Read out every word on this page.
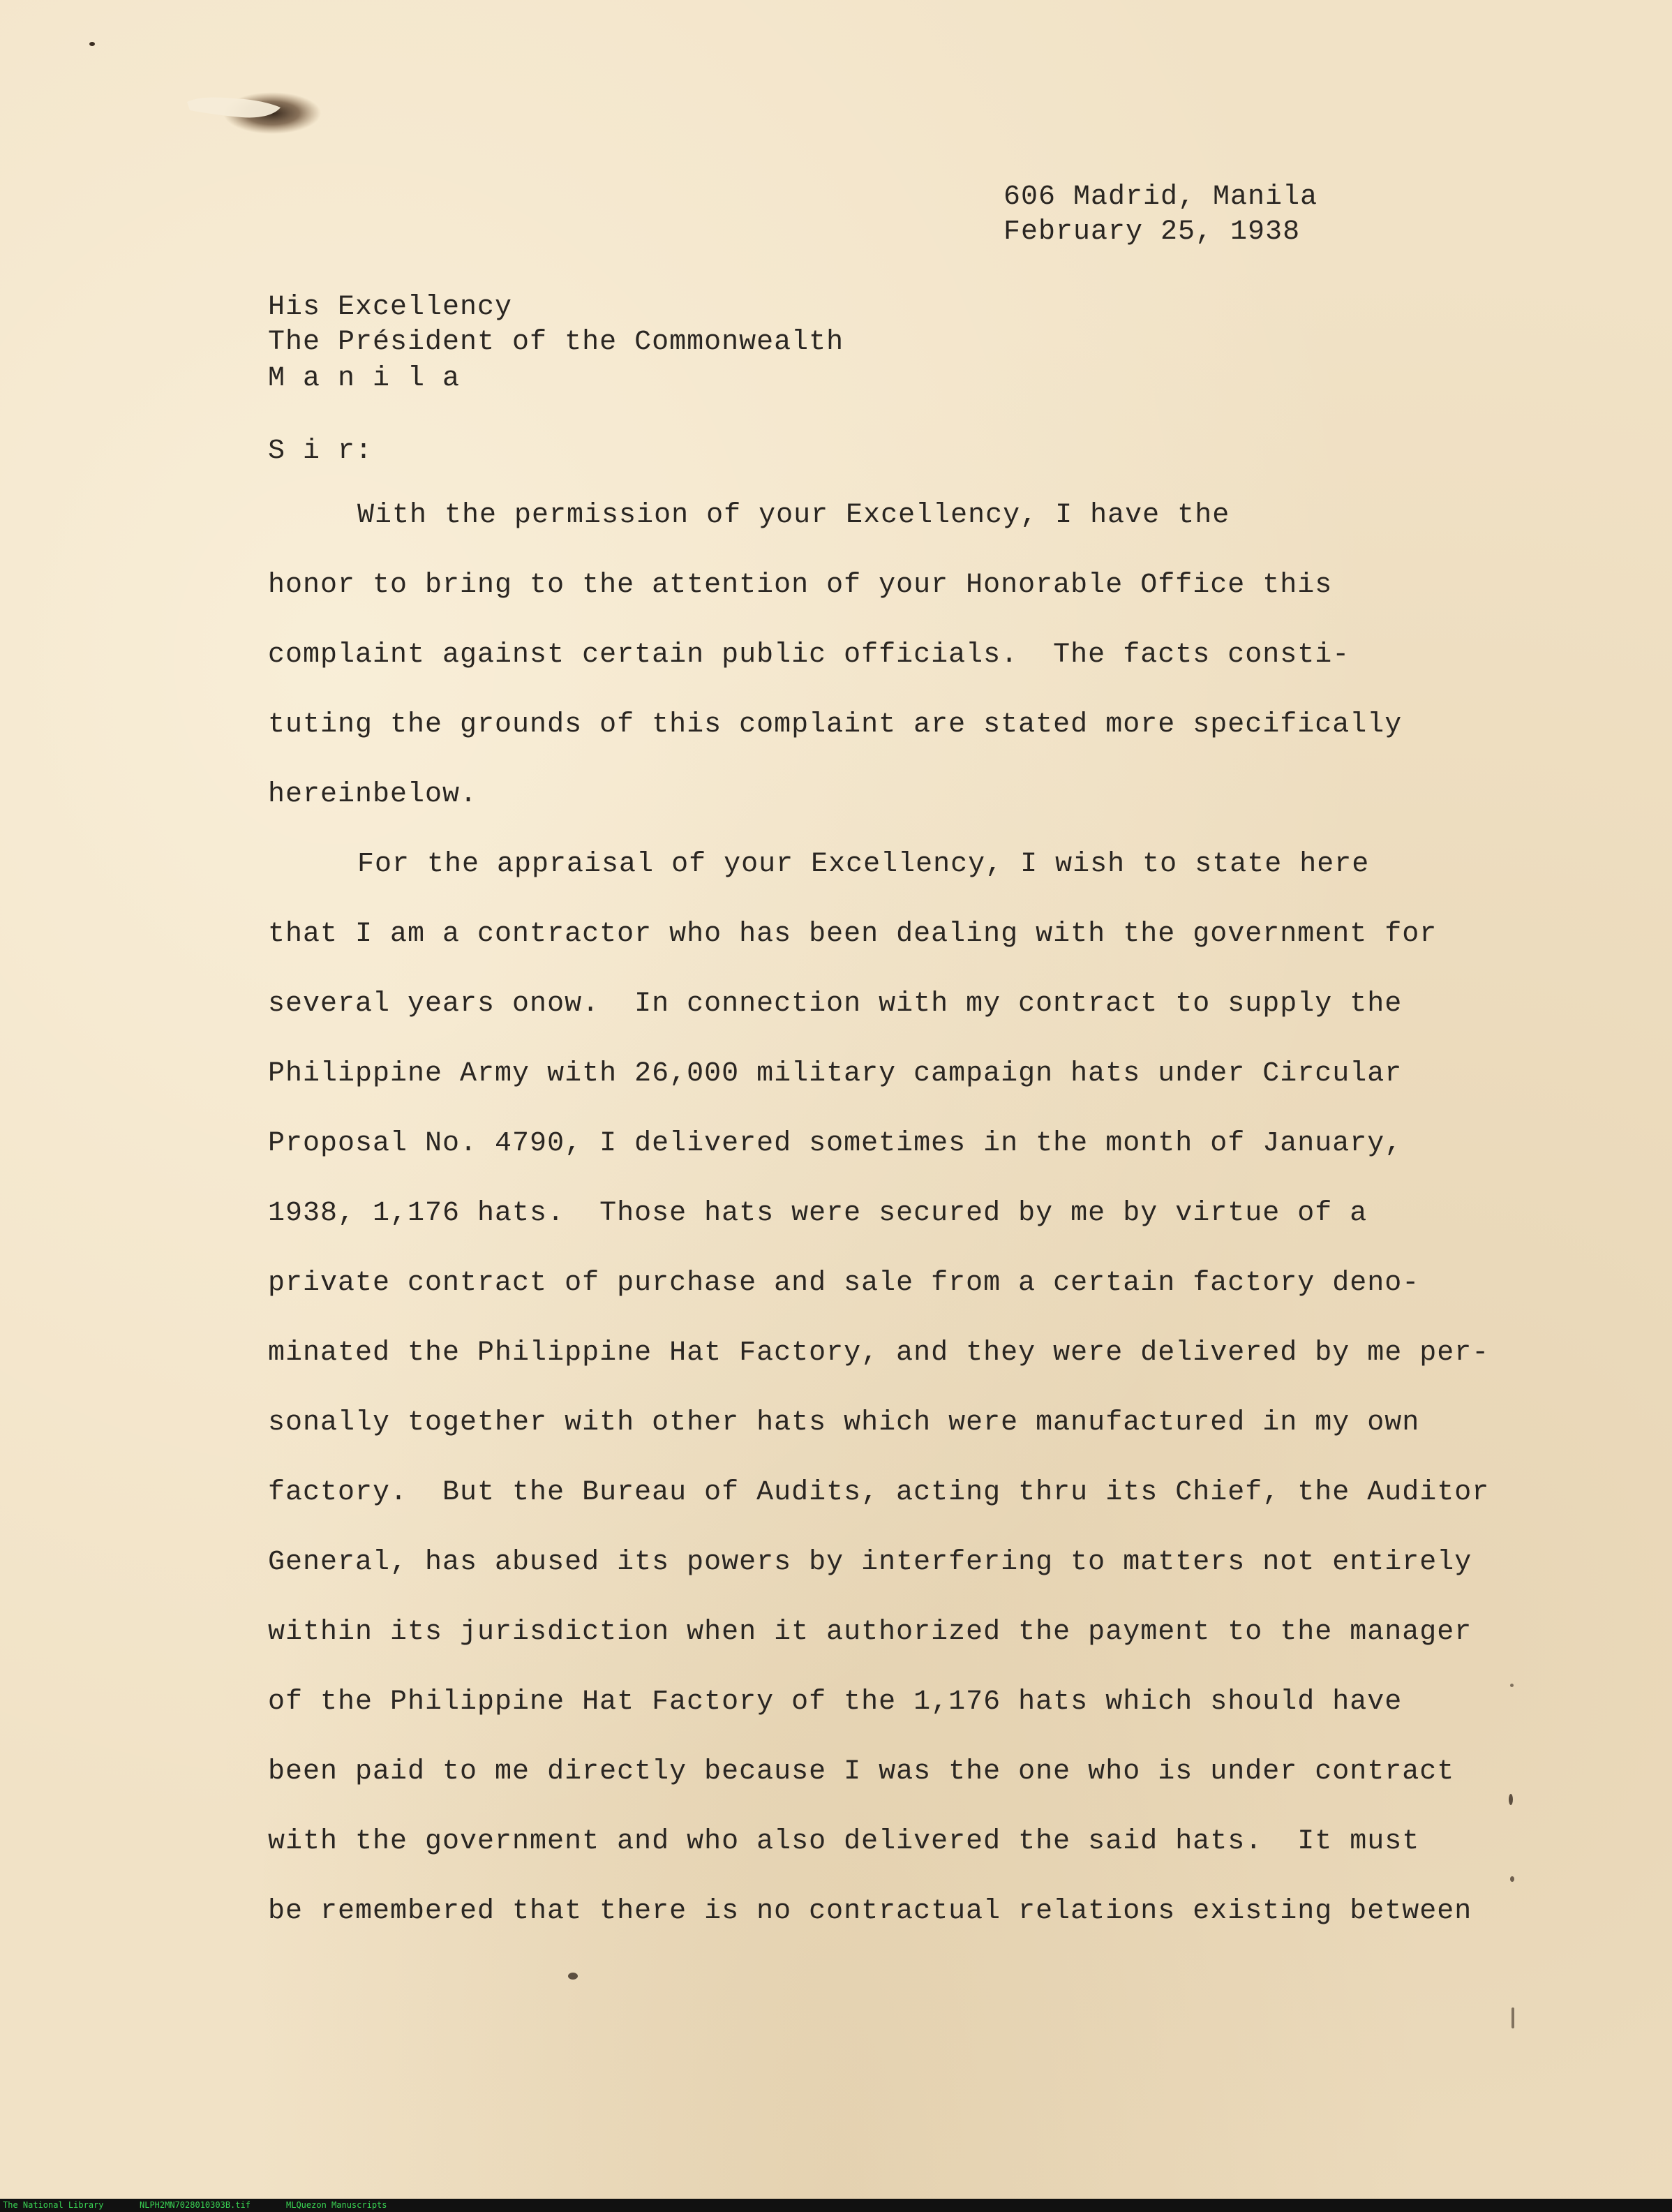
606 Madrid, Manila
February 25, 1938
His Excellency
The Président of the Commonwealth
M a n i l a
S i r:
With the permission of your Excellency, I have the
honor to bring to the attention of your Honorable Office this
complaint against certain public officials.  The facts consti-
tuting the grounds of this complaint are stated more specifically
hereinbelow.
For the appraisal of your Excellency, I wish to state here
that I am a contractor who has been dealing with the government for
several years onow.  In connection with my contract to supply the
Philippine Army with 26,000 military campaign hats under Circular
Proposal No. 4790, I delivered sometimes in the month of January,
1938, 1,176 hats.  Those hats were secured by me by virtue of a
private contract of purchase and sale from a certain factory deno-
minated the Philippine Hat Factory, and they were delivered by me per-
sonally together with other hats which were manufactured in my own
factory.  But the Bureau of Audits, acting thru its Chief, the Auditor
General, has abused its powers by interfering to matters not entirely
within its jurisdiction when it authorized the payment to the manager
of the Philippine Hat Factory of the 1,176 hats which should have
been paid to me directly because I was the one who is under contract
with the government and who also delivered the said hats.  It must
be remembered that there is no contractual relations existing between
The National Library	NLPH2MN7028010303B.tif	MLQuezon Manuscripts
